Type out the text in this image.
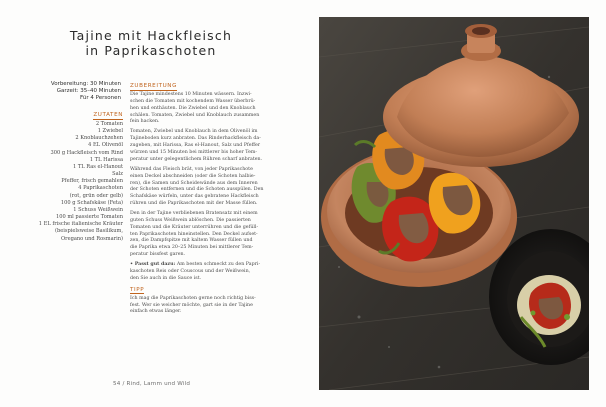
Tajine mit Hackfleisch
in Paprikaschoten
Vorbereitung: 30 Minuten
Garzeit: 35–40 Minuten
Für 4 Personen

ZUTATEN

2 Tomaten
1 Zwiebel
2 Knoblauchzehen
4 EL Olivenöl
300 g Hackfleisch vom Rind
1 TL Harissa
1 TL Ras el-Hanout
Salz
Pfeffer, frisch gemahlen
4 Paprikaschoten
(rot, grün oder gelb)
100 g Schafskäse (Feta)
1 Schuss Weißwein
100 ml passierte Tomaten
1 EL frische italienische Kräuter
(beispielsweise Basilikum,
Oregano und Rosmarin)

ZUBEREITUNG

Die Tajine mindestens 10 Minuten wässern. Inzwi-
schen die Tomaten mit kochendem Wasser überbrü-
hen und enthäuten. Die Zwiebel und den Knoblauch
schälen. Tomaten, Zwiebel und Knoblauch zusammen
fein hacken.

Tomaten, Zwiebel und Knoblauch in dem Olivenöl im
Tajineboden kurz anbraten. Das Rinderhackfleisch da-
zugeben, mit Harissa, Ras el-Hanout, Salz und Pfeffer
würzen und 15 Minuten bei mittlerer bis hoher Tem-
peratur unter gelegentlichem Rühren scharf anbraten.

Während das Fleisch brät, von jeder Paprikaschote
einen Deckel abschneiden (oder die Schoten halbie-
ren), die Samen und Scheidewände aus dem Inneren
der Schoten entfernen und die Schoten ausspülen. Den
Schafskäse würfeln, unter das gebratene Hackfleisch
rühren und die Paprikaschoten mit der Masse füllen.

Den in der Tajine verbliebenen Bratensatz mit einem
guten Schuss Weißwein ablöschen. Die passierten
Tomaten und die Kräuter unterrühren und die gefüll-
ten Paprikaschoten hineinstellen. Den Deckel aufset-
zen, die Dampfspitze mit kaltem Wasser füllen und
die Paprika etwa 20–25 Minuten bei mittlerer Tem-
peratur bissfest garen.

• Passt gut dazu: Am besten schmeckt zu den Papri-
kaschoten Reis oder Couscous und der Weißwein,
den Sie auch in die Sauce ist.

TIPP

Ich mag die Paprikaschoten gerne noch richtig biss-
fest. Wer sie weicher möchte, gart sie in der Tajine
einfach etwas länger.

54 / Rind, Lamm und Wild
